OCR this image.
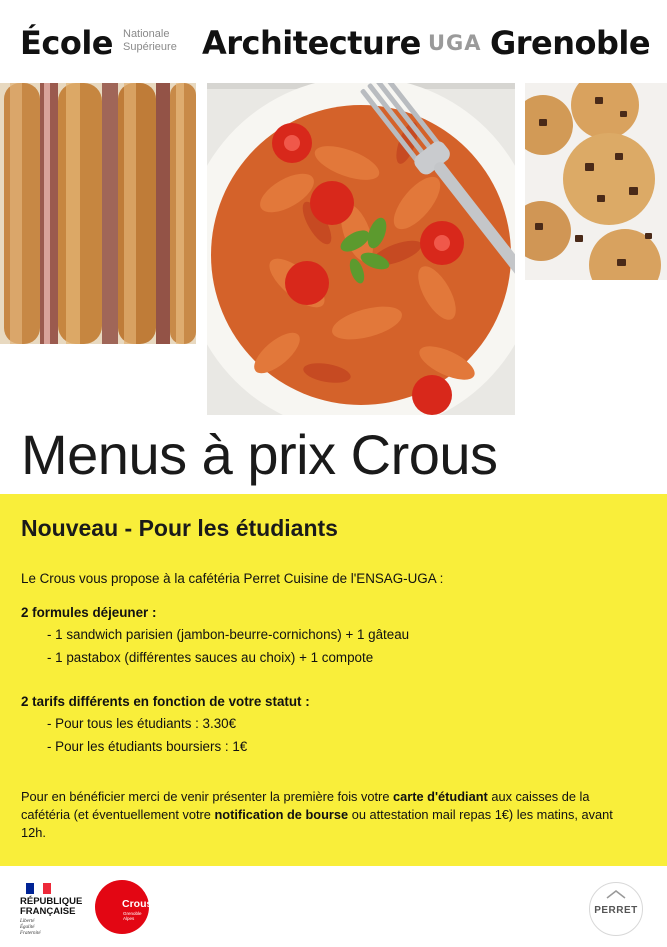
École Nationale
Supérieure Architecture UGA Grenoble
Menus à prix Crous
Nouveau - Pour les étudiants
Le Crous vous propose à la cafétéria Perret Cuisine de l'ENSAG-UGA :
2 formules déjeuner :
- 1 sandwich parisien (jambon-beurre-cornichons) + 1 gâteau
- 1 pastabox (différentes sauces au choix) + 1 compote
2 tarifs différents en fonction de votre statut :
- Pour tous les étudiants : 3.30€
- Pour les étudiants boursiers : 1€
Pour en bénéficier merci de venir présenter la première fois votre carte d'étudiant aux caisses de la cafétéria (et éventuellement votre notification de bourse ou attestation mail repas 1€) les matins, avant 12h.
RÉPUBLIQUE
FRANÇAISE
Liberté
Égalité
Fraternité
Crous
Grenoble Alpes
PERRET
